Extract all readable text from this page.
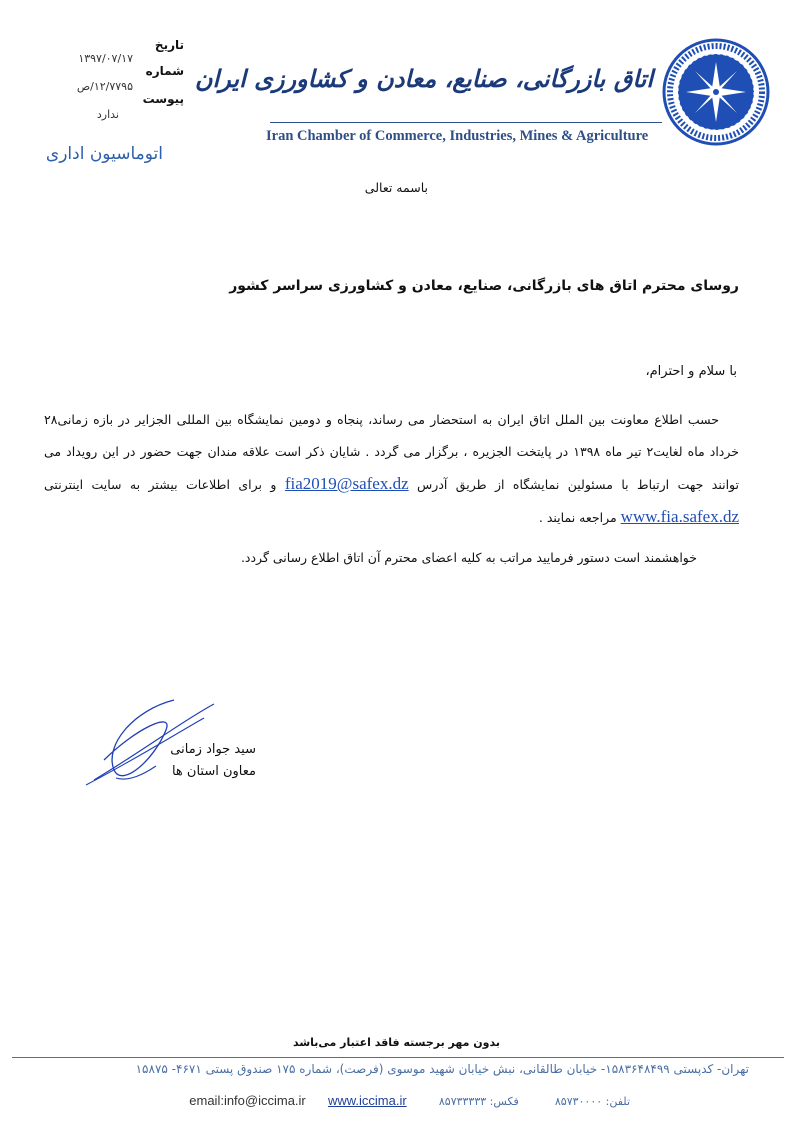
تاریخ
شماره
پیوست
۱۳۹۷/۰۷/۱۷
۱۲/۷۷۹۵/ص
ندارد
اتوماسیون اداری
اتاق بازرگانی، صنایع، معادن و کشاورزی ایران
Iran Chamber of Commerce, Industries, Mines & Agriculture
باسمه تعالی
روسای محترم اتاق های بازرگانی، صنایع، معادن و کشاورزی سراسر کشور
با سلام و احترام،
حسب اطلاع معاونت بین الملل اتاق ایران به استحضار می رساند، پنجاه و دومین نمایشگاه بین المللی الجزایر در بازه زمانی۲۸ خرداد ماه لغایت۲ تیر ماه ۱۳۹۸ در پایتخت الجزیره ، برگزار می گردد . شایان ذکر است علاقه مندان جهت حضور در این رویداد می توانند جهت ارتباط با مسئولین نمایشگاه از طریق آدرس fia2019@safex.dz و برای اطلاعات بیشتر به سایت اینترنتی www.fia.safex.dz مراجعه نمایند .
خواهشمند است دستور فرمایید مراتب به کلیه اعضای محترم آن اتاق اطلاع رسانی گردد.
سید جواد زمانی
معاون استان ها
بدون مهر برجسته فاقد اعتبار می‌باشد
تهران- کدپستی ۱۵۸۳۶۴۸۴۹۹- خیابان طالقانی، نبش خیابان شهید موسوی (فرصت)، شماره ۱۷۵ صندوق پستی ۴۶۷۱- ۱۵۸۷۵
تلفن: ۸۵۷۳۰۰۰۰  فکس: ۸۵۷۳۳۳۳۳  email:info@iccima.ir www.iccima.ir
